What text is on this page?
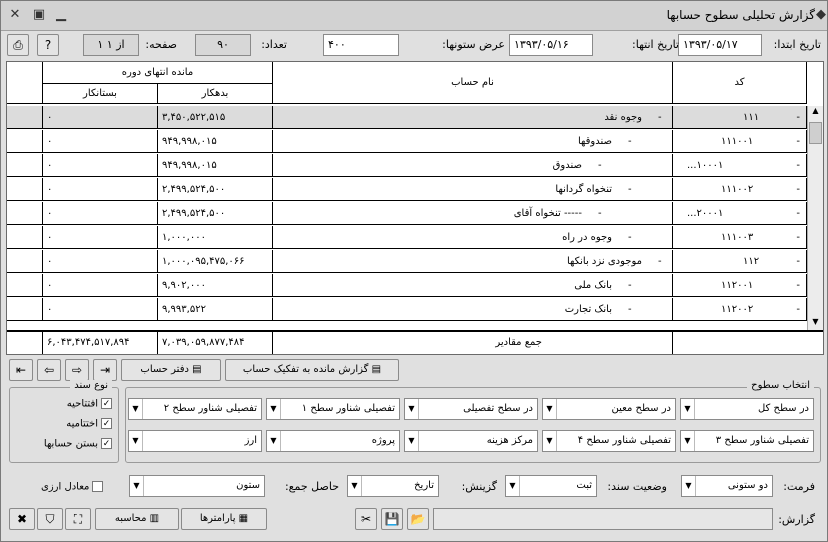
✕ ▣ ▁	گزارش تحلیلی سطوح حسابها ◆
تاریخ ابتدا:
۱۳۹۳/۰۵/۱۷
تاریخ انتها:
۱۳۹۳/۰۵/۱۶
عرض ستونها:
۴۰۰
تعداد:
۹۰
صفحه:
۱ از ۱
?
⎙
مانده انتهای دوره
بستانکار	بدهکار
نام حساب	کد
۰	۳,۴۵۰,۵۲۲,۵۱۵	-
وجوه نقد	۱۱۱	-
۰	۹۴۹,۹۹۸,۰۱۵	-
صندوقها	۱۱۱۰۰۱	-
۰	۹۴۹,۹۹۸,۰۱۵	-
صندوق	...۱۰۰۰۱	-
۰	۲,۴۹۹,۵۲۴,۵۰۰	-
تنخواه گردانها	۱۱۱۰۰۲	-
۰	۲,۴۹۹,۵۲۴,۵۰۰	-
----- تنخواه آقای	...۲۰۰۰۱	-
۰	۱,۰۰۰,۰۰۰	-
وجوه در راه	۱۱۱۰۰۳	-
۰	۱,۰۰۰,۰۹۵,۴۷۵,۰۶۶	-
موجودی نزد بانکها	۱۱۲	-
۰	۹,۹۰۲,۰۰۰	-
بانک ملی	۱۱۲۰۰۱	-
۰	۹,۹۹۳,۵۲۲	-
بانک تجارت	۱۱۲۰۰۲	-
▲
▼
۶,۰۴۳,۴۷۴,۵۱۷,۸۹۴	۷,۰۳۹,۰۵۹,۸۷۷,۴۸۴	جمع مقادیر
⇤	⇦	⇨	⇥	▤ دفتر حساب	▤ گزارش مانده به تفکیک حساب
نوع سند
✓افتتاحیه
✓اختتامیه
✓بستن حسابها
انتخاب سطوح
▼	در سطح کل
▼	در سطح معین
▼	در سطح تفصیلی
▼	تفصیلی شناور سطح ۱
▼	تفصیلی شناور سطح ۲
▼	تفصیلی شناور سطح ۳
▼	تفصیلی شناور سطح ۴
▼	مرکز هزینه
▼	پروژه
▼	ارز
فرمت:
▼	دو ستونی
وضعیت سند:
▼	ثبت
گزینش:
▼	تاریخ
حاصل جمع:
▼	ستون
معادل ارزی
گزارش:
📂
💾
✂
▦ پارامترها
▥ محاسبه
⛶
⛉
✖
